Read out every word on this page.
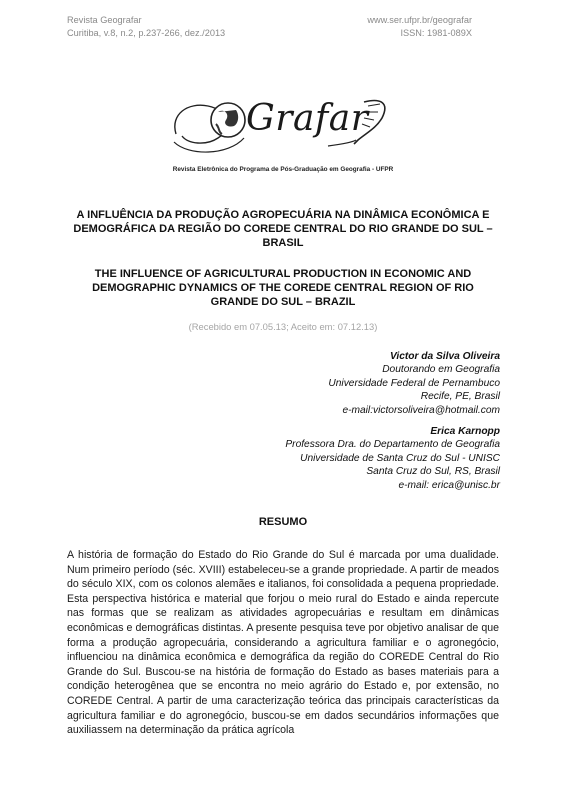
Revista Geografar
Curitiba, v.8, n.2, p.237-266, dez./2013
www.ser.ufpr.br/geografar
ISSN: 1981-089X
Grafar
Revista Eletrônica do Programa de Pós-Graduação em Geografia - UFPR
A INFLUÊNCIA DA PRODUÇÃO AGROPECUÁRIA NA DINÂMICA ECONÔMICA E DEMOGRÁFICA DA REGIÃO DO COREDE CENTRAL DO RIO GRANDE DO SUL – BRASIL
THE INFLUENCE OF AGRICULTURAL PRODUCTION IN ECONOMIC AND DEMOGRAPHIC DYNAMICS OF THE COREDE CENTRAL REGION OF RIO GRANDE DO SUL – BRAZIL
(Recebido em 07.05.13; Aceito em: 07.12.13)
Victor da Silva Oliveira
Doutorando em Geografia
Universidade Federal de Pernambuco
Recife, PE, Brasil
e-mail:victorsoliveira@hotmail.com
Erica Karnopp
Professora Dra. do Departamento de Geografia
Universidade de Santa Cruz do Sul - UNISC
Santa Cruz do Sul, RS, Brasil
e-mail: erica@unisc.br
RESUMO

A história de formação do Estado do Rio Grande do Sul é marcada por uma dualidade. Num primeiro período (séc. XVIII) estabeleceu-se a grande propriedade. A partir de meados do século XIX, com os colonos alemães e italianos, foi consolidada a pequena propriedade. Esta perspectiva histórica e material que forjou o meio rural do Estado e ainda repercute nas formas que se realizam as atividades agropecuárias e resultam em dinâmicas econômicas e demográficas distintas. A presente pesquisa teve por objetivo analisar de que forma a produção agropecuária, considerando a agricultura familiar e o agronegócio, influenciou na dinâmica econômica e demográfica da região do COREDE Central do Rio Grande do Sul. Buscou-se na história de formação do Estado as bases materiais para a condição heterogênea que se encontra no meio agrário do Estado e, por extensão, no COREDE Central. A partir de uma caracterização teórica das principais características da agricultura familiar e do agronegócio, buscou-se em dados secundários informações que auxiliassem na determinação da prática agrícola
